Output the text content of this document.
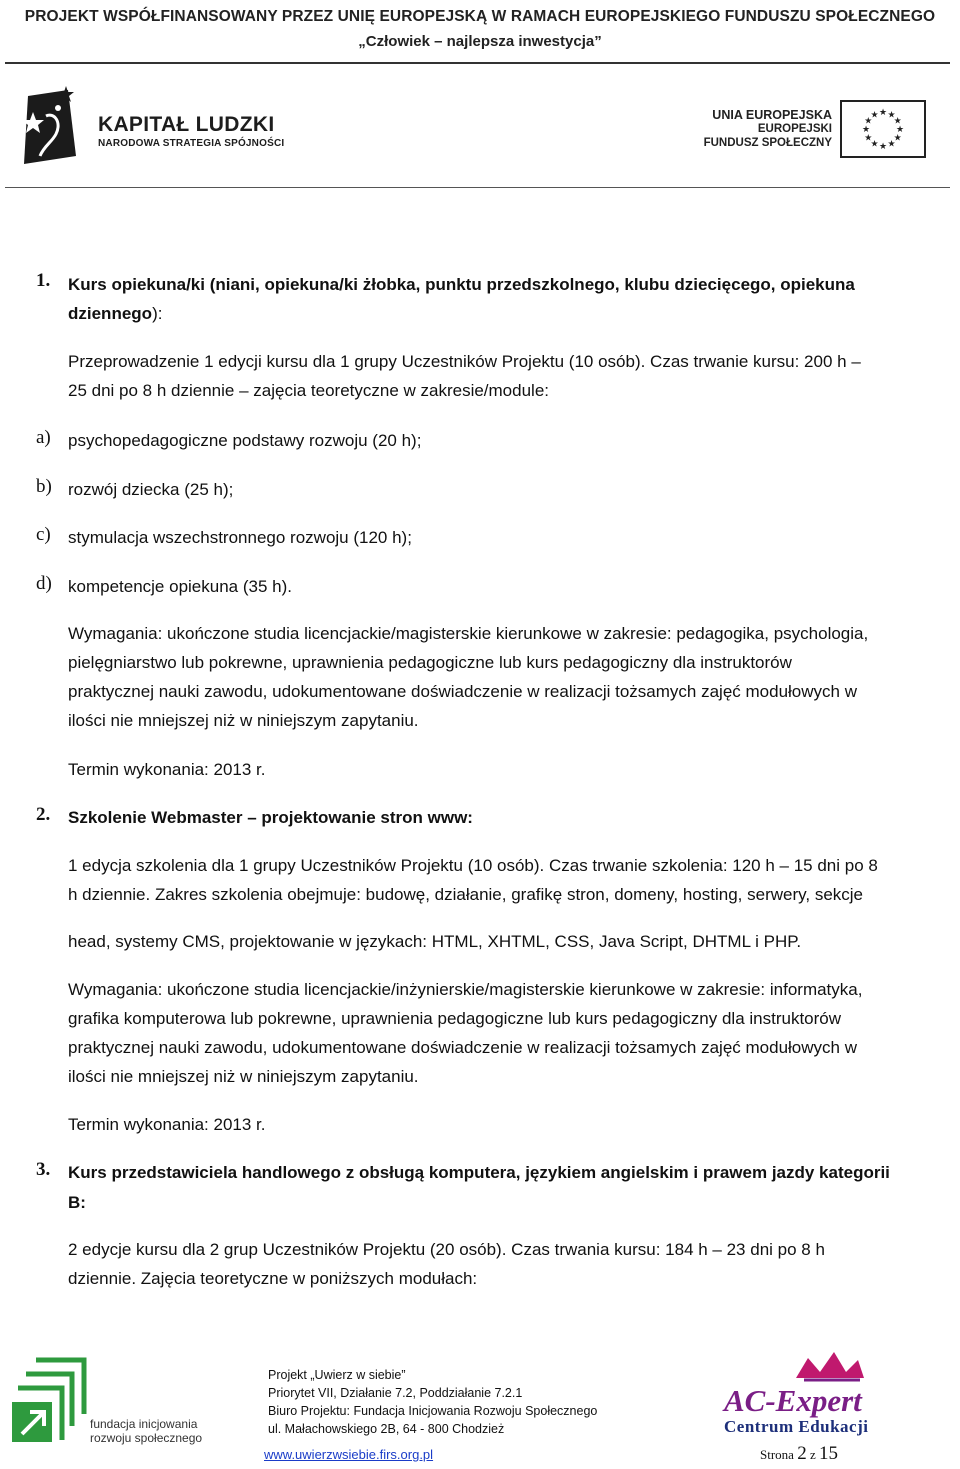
PROJEKT WSPÓŁFINANSOWANY PRZEZ UNIĘ EUROPEJSKĄ W RAMACH EUROPEJSKIEGO FUNDUSZU SPOŁECZNEGO
„Człowiek – najlepsza inwestycja”
KAPITAŁ LUDZKI
NARODOWA STRATEGIA SPÓJNOŚCI
UNIA EUROPEJSKA
EUROPEJSKI
FUNDUSZ SPOŁECZNY
★ ★
★
★
★
★
★
★
★
★
★
★
1. Kurs opiekuna/ki (niani, opiekuna/ki żłobka, punktu przedszkolnego, klubu dziecięcego, opiekuna
dziennego):
Przeprowadzenie 1 edycji kursu dla 1 grupy Uczestników Projektu (10 osób). Czas trwanie kursu: 200 h –
25 dni po 8 h dziennie – zajęcia teoretyczne w zakresie/module:
a) psychopedagogiczne podstawy rozwoju (20 h);
b) rozwój dziecka (25 h);
c) stymulacja wszechstronnego rozwoju (120 h);
d) kompetencje opiekuna (35 h).
Wymagania: ukończone studia licencjackie/magisterskie kierunkowe w zakresie: pedagogika, psychologia,
pielęgniarstwo lub pokrewne, uprawnienia pedagogiczne lub kurs pedagogiczny dla instruktorów
praktycznej nauki zawodu, udokumentowane doświadczenie w realizacji tożsamych zajęć modułowych w
ilości nie mniejszej niż w niniejszym zapytaniu.
Termin wykonania: 2013 r.
2. Szkolenie Webmaster – projektowanie stron www:
1 edycja szkolenia dla 1 grupy Uczestników Projektu (10 osób). Czas trwanie szkolenia: 120 h – 15 dni po 8
h dziennie. Zakres szkolenia obejmuje: budowę, działanie, grafikę stron, domeny, hosting, serwery, sekcje
head, systemy CMS, projektowanie w językach: HTML, XHTML, CSS, Java Script, DHTML i PHP.
Wymagania: ukończone studia licencjackie/inżynierskie/magisterskie kierunkowe w zakresie: informatyka,
grafika komputerowa lub pokrewne, uprawnienia pedagogiczne lub kurs pedagogiczny dla instruktorów
praktycznej nauki zawodu, udokumentowane doświadczenie w realizacji tożsamych zajęć modułowych w
ilości nie mniejszej niż w niniejszym zapytaniu.
Termin wykonania: 2013 r.
3. Kurs przedstawiciela handlowego z obsługą komputera, językiem angielskim i prawem jazdy kategorii
B:
2 edycje kursu dla 2 grup Uczestników Projektu (20 osób). Czas trwania kursu: 184 h – 23 dni po 8 h
dziennie. Zajęcia teoretyczne w poniższych modułach:
fundacja inicjowania
rozwoju społecznego
Projekt „Uwierz w siebie”
Priorytet VII, Działanie 7.2, Poddziałanie 7.2.1
Biuro Projektu: Fundacja Inicjowania Rozwoju Społecznego
ul. Małachowskiego 2B, 64 - 800 Chodzież
www.uwierzwsiebie.firs.org.pl
AC-Expert
Centrum Edukacji
Strona 2 z 15
